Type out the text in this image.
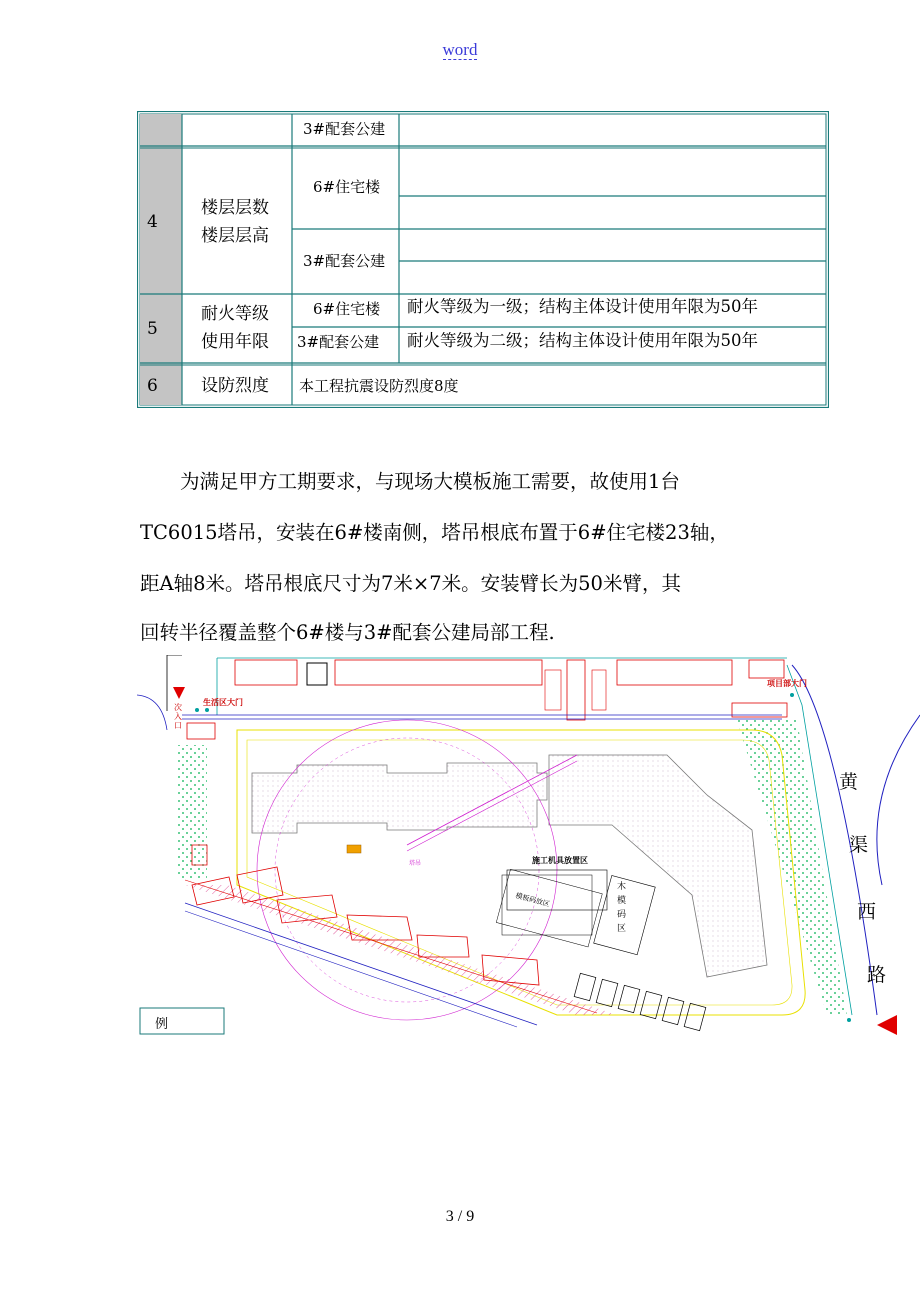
word
3#配套公建
4
楼层层数
楼层层高
6#住宅楼
3#配套公建
5
耐火等级
使用年限
6#住宅楼 耐火等级为一级；结构主体设计使用年限为50年
3#配套公建 耐火等级为二级；结构主体设计使用年限为50年
6	设防烈度 本工程抗震设防烈度8度
为满足甲方工期要求，与现场大模板施工需要，故使用1台
TC6015塔吊，安装在6#楼南侧，塔吊根底布置于6#住宅楼23轴，
距A轴8米。塔吊根底尺寸为7米×7米。安装臂长为50米臂，其
回转半径覆盖整个6#楼与3#配套公建局部工程.
生活区大门
项目部大门
次入口
施工机具放置区
模板码放区
塔吊
黄
渠
西
路
例
木 模 码 区
3 / 9
